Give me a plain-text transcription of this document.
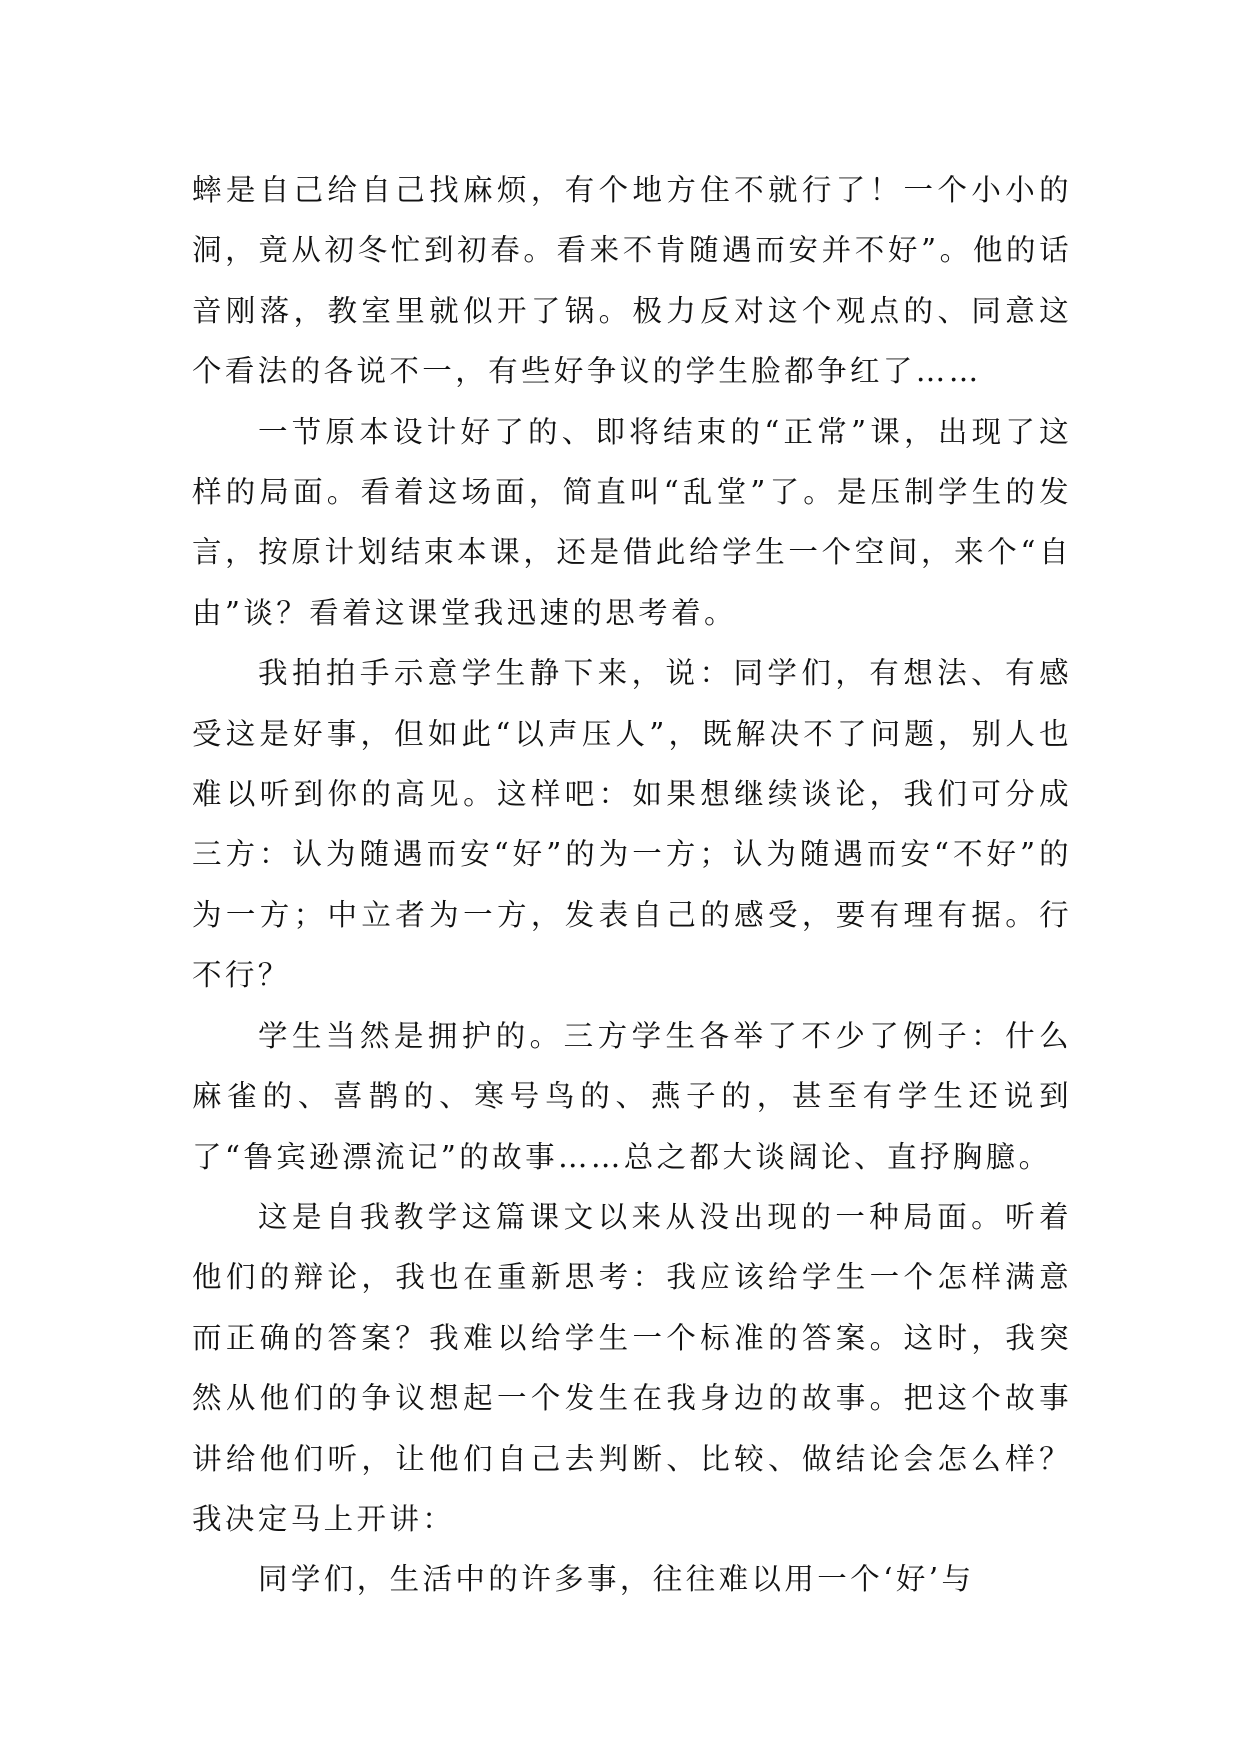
蟀是自己给自己找麻烦，有个地方住不就行了！一个小小的洞，竟从初冬忙到初春。看来不肯随遇而安并不好”。他的话音刚落，教室里就似开了锅。极力反对这个观点的、同意这个看法的各说不一，有些好争议的学生脸都争红了……

一节原本设计好了的、即将结束的“正常”课，出现了这样的局面。看着这场面，简直叫“乱堂”了。是压制学生的发言，按原计划结束本课，还是借此给学生一个空间，来个“自由”谈？看着这课堂我迅速的思考着。

我拍拍手示意学生静下来，说：同学们，有想法、有感受这是好事，但如此“以声压人”，既解决不了问题，别人也难以听到你的高见。这样吧：如果想继续谈论，我们可分成三方：认为随遇而安“好”的为一方；认为随遇而安“不好”的为一方；中立者为一方，发表自己的感受，要有理有据。行不行？

学生当然是拥护的。三方学生各举了不少了例子：什么麻雀的、喜鹊的、寒号鸟的、燕子的，甚至有学生还说到了“鲁宾逊漂流记”的故事……总之都大谈阔论、直抒胸臆。

这是自我教学这篇课文以来从没出现的一种局面。听着他们的辩论，我也在重新思考：我应该给学生一个怎样满意而正确的答案？我难以给学生一个标准的答案。这时，我突然从他们的争议想起一个发生在我身边的故事。把这个故事讲给他们听，让他们自己去判断、比较、做结论会怎么样？我决定马上开讲：

同学们，生活中的许多事，往往难以用一个‘好’与
